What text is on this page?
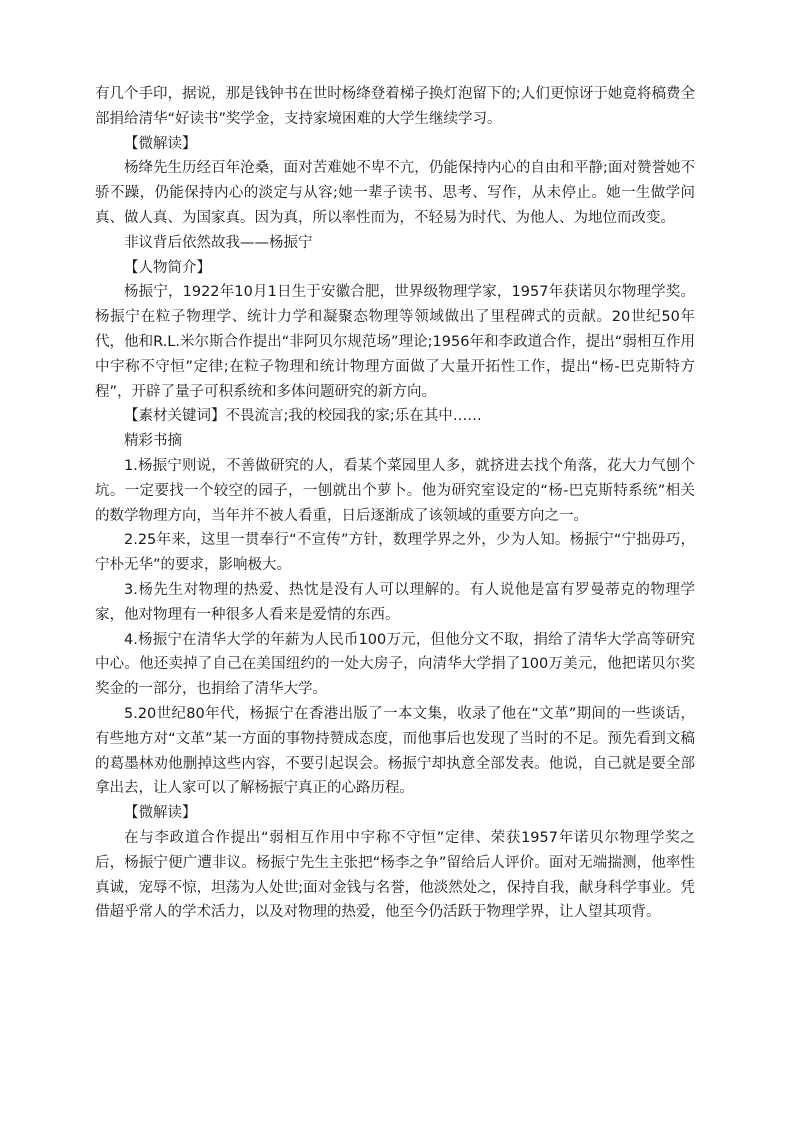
有几个手印，据说，那是钱钟书在世时杨绛登着梯子换灯泡留下的;人们更惊讶于她竟将稿费全部捐给清华“好读书”奖学金，支持家境困难的大学生继续学习。

【微解读】

杨绛先生历经百年沧桑，面对苦难她不卑不亢，仍能保持内心的自由和平静;面对赞誉她不骄不躁，仍能保持内心的淡定与从容;她一辈子读书、思考、写作，从未停止。她一生做学问真、做人真、为国家真。因为真，所以率性而为，不轻易为时代、为他人、为地位而改变。

非议背后依然故我——杨振宁

【人物简介】

杨振宁，1922年10月1日生于安徽合肥，世界级物理学家，1957年获诺贝尔物理学奖。杨振宁在粒子物理学、统计力学和凝聚态物理等领域做出了里程碑式的贡献。20世纪50年代，他和R.L.米尔斯合作提出“非阿贝尔规范场”理论;1956年和李政道合作，提出“弱相互作用中宇称不守恒”定律;在粒子物理和统计物理方面做了大量开拓性工作，提出“杨-巴克斯特方程”，开辟了量子可积系统和多体问题研究的新方向。

【素材关键词】不畏流言;我的校园我的家;乐在其中……

精彩书摘

1.杨振宁则说，不善做研究的人，看某个菜园里人多，就挤进去找个角落，花大力气刨个坑。一定要找一个较空的园子，一刨就出个萝卜。他为研究室设定的“杨-巴克斯特系统”相关的数学物理方向，当年并不被人看重，日后逐渐成了该领域的重要方向之一。

2.25年来，这里一贯奉行“不宣传”方针，数理学界之外，少为人知。杨振宁“宁拙毋巧，宁朴无华”的要求，影响极大。

3.杨先生对物理的热爱、热忱是没有人可以理解的。有人说他是富有罗曼蒂克的物理学家，他对物理有一种很多人看来是爱情的东西。

4.杨振宁在清华大学的年薪为人民币100万元，但他分文不取，捐给了清华大学高等研究中心。他还卖掉了自己在美国纽约的一处大房子，向清华大学捐了100万美元，他把诺贝尔奖奖金的一部分，也捐给了清华大学。

5.20世纪80年代，杨振宁在香港出版了一本文集，收录了他在“文革”期间的一些谈话，有些地方对“文革”某一方面的事物持赞成态度，而他事后也发现了当时的不足。预先看到文稿的葛墨林劝他删掉这些内容，不要引起误会。杨振宁却执意全部发表。他说，自己就是要全部拿出去，让人家可以了解杨振宁真正的心路历程。

【微解读】

在与李政道合作提出“弱相互作用中宇称不守恒”定律、荣获1957年诺贝尔物理学奖之后，杨振宁便广遭非议。杨振宁先生主张把“杨李之争”留给后人评价。面对无端揣测，他率性真诚，宠辱不惊，坦荡为人处世;面对金钱与名誉，他淡然处之，保持自我，献身科学事业。凭借超乎常人的学术活力，以及对物理的热爱，他至今仍活跃于物理学界，让人望其项背。
